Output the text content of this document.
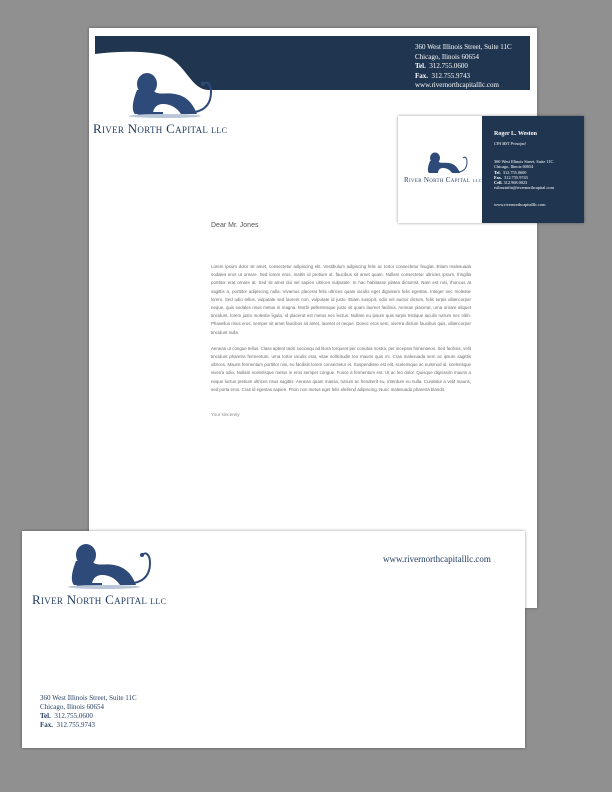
360 West Illinois Street, Suite 11C
Chicago, Ilinois 60654
Tel. 312.755.0600
Fax. 312.755.9743
www.rivernorthcapitalllc.com
River North Capital LLC
Dear Mr. Jones

Lorem ipsum dolor sit amet, consectetur adipiscing elit. Vestibulum adipiscing felis ac tortor consectetur feugiat. Etiam malesuada sodales eros ut ornare. Sed lorem eros, mattis id pretium ut, faucibus sit amet quam. Nullam consectetur ultricies ipsum, fringilla porttitor erat ornare at. Sed sit amet dui vel sapien ultrices vulputate. In hac habitasse platea dictumst. Nam est nisi, rhoncus at sagittis a, porttitor adipiscing nulla. Vivamus placerat felis ultrices quam iaculis eget dignissim felis egestas. Integer nec molestie lorem. Sed odio tellus, vulputate sed laoreet non, vulputate id justo. Etiam suscipit, odio vel auctor dictum, felis turpis ullamcorper neque, quis sodales risus metus in magna. Morbi pellentesque justo sit quam laoreet facilisis. Aenean placerat, urna ornare aliquet tincidunt, lorem justo molestie ligula, id placerat est metus nec lectus. Nullam eu ipsum quis turpis tristique iaculis rutrum nec nibh. Phasellus risus eros, semper sit amet faucibus sit amet, laoreet et neque. Donec eros sem, viverra dictum faucibus quis, ullamcorper tincidunt nulla.

Aenean ut congue tellus. Class aptent taciti sociosqu ad litora torquent per conubia nostra, per inceptos himenaeos. Sed facilisis, velit tincidunt pharetra fermentum, urna tortor iaculis erat, vitae sollicitudin leo mauris quis mi. Cras malesuada sem ac ipsum sagittis ultrices. Mauris fermentum porttitor nisi, eu facilisis lorem consectetur et. Suspendisse est elit, scelerisque ac euismod id, scelerisque viverra odio. Nullam scelerisque metus in eros semper congue. Fusce a fermentum est. Ut ac leo dolor. Quisque dignissim mauris a neque luctus pretium ultrices risus sagittis. Aenean quam massa, rutrum ac hendrerit eu, interdum eu nulla. Curabitur a velit mauris, sed porta eros. Cras id egestas sapien. Proin non metus eget felis eleifend adipiscing. Nunc malesuada pharetra blandit.

Your sincerely
River North Capital LLC
Roger L. Weston
CFA MST Principal
360 West Illinois Street, Suite 11C
Chicago, Ilinois 60654
Tel. 312.755.0600
Fax. 312.755.9743
Cell. 312.968.0023
rsilmzinfin@rivernorthcapital.com
www.rivernorthcapitalllc.com
River North Capital LLC
www.rivernorthcapitalllc.com
360 West Illinois Street, Suite 11C
Chicago, Ilinois 60654
Tel. 312.755.0600
Fax. 312.755.9743
